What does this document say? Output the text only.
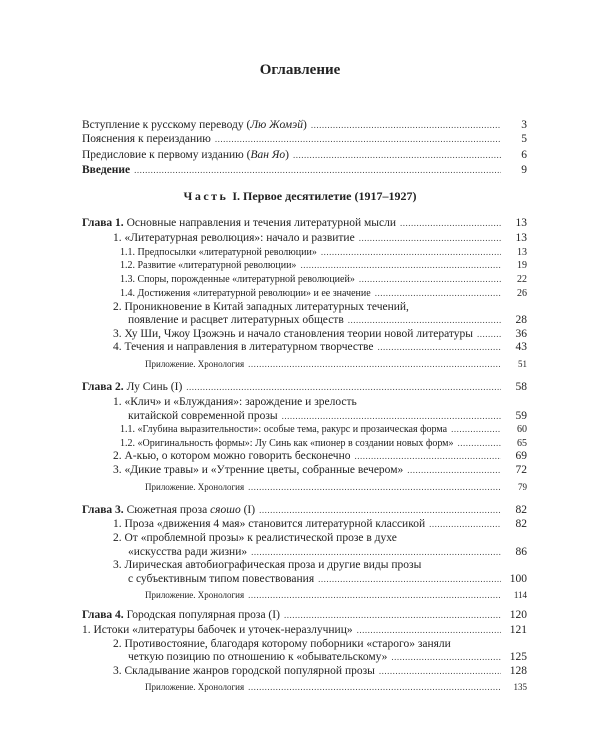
Оглавление
Часть I. Первое десятилетие (1917–1927)
Вступление к русскому переводу (Лю Жомэй) .....	3
Пояснения к переизданию .....	5
Предисловие к первому изданию (Ван Яо) .....	6
Введение .....	9
Глава 1. Основные направления и течения литературной мысли .....	13
1. «Литературная революция»: начало и развитие .....	13
1.1. Предпосылки «литературной революции» .....	13
1.2. Развитие «литературной революции» .....	19
1.3. Споры, порожденные «литературной революцией» .....	22
1.4. Достижения «литературной революции» и ее значение .....	26
2. Проникновение в Китай западных литературных течений,
появление и расцвет литературных обществ .....	28
3. Ху Ши, Чжоу Цзожэнь и начало становления теории новой литературы .....	36
4. Течения и направления в литературном творчестве .....	43
Приложение. Хронология .....	51
Глава 2. Лу Синь (I) .....	58
1. «Клич» и «Блуждания»: зарождение и зрелость
китайской современной прозы .....	59
1.1. «Глубина выразительности»: особые тема, ракурс и прозаическая форма .....	60
1.2. «Оригинальность формы»: Лу Синь как «пионер в создании новых форм» .....	65
2. А-кью, о котором можно говорить бесконечно .....	69
3. «Дикие травы» и «Утренние цветы, собранные вечером» .....	72
Приложение. Хронология .....	79
Глава 3. Сюжетная проза сяошо (I) .....	82
1. Проза «движения 4 мая» становится литературной классикой .....	82
2. От «проблемной прозы» к реалистической прозе в духе
«искусства ради жизни» .....	86
3. Лирическая автобиографическая проза и другие виды прозы
с субъективным типом повествования .....	100
Приложение. Хронология .....	114
Глава 4. Городская популярная проза (I) .....	120
1. Истоки «литературы бабочек и уточек-неразлучниц» .....	121
2. Противостояние, благодаря которому поборники «старого» заняли
четкую позицию по отношению к «обывательскому» .....	125
3. Складывание жанров городской популярной прозы .....	128
Приложение. Хронология .....	135
